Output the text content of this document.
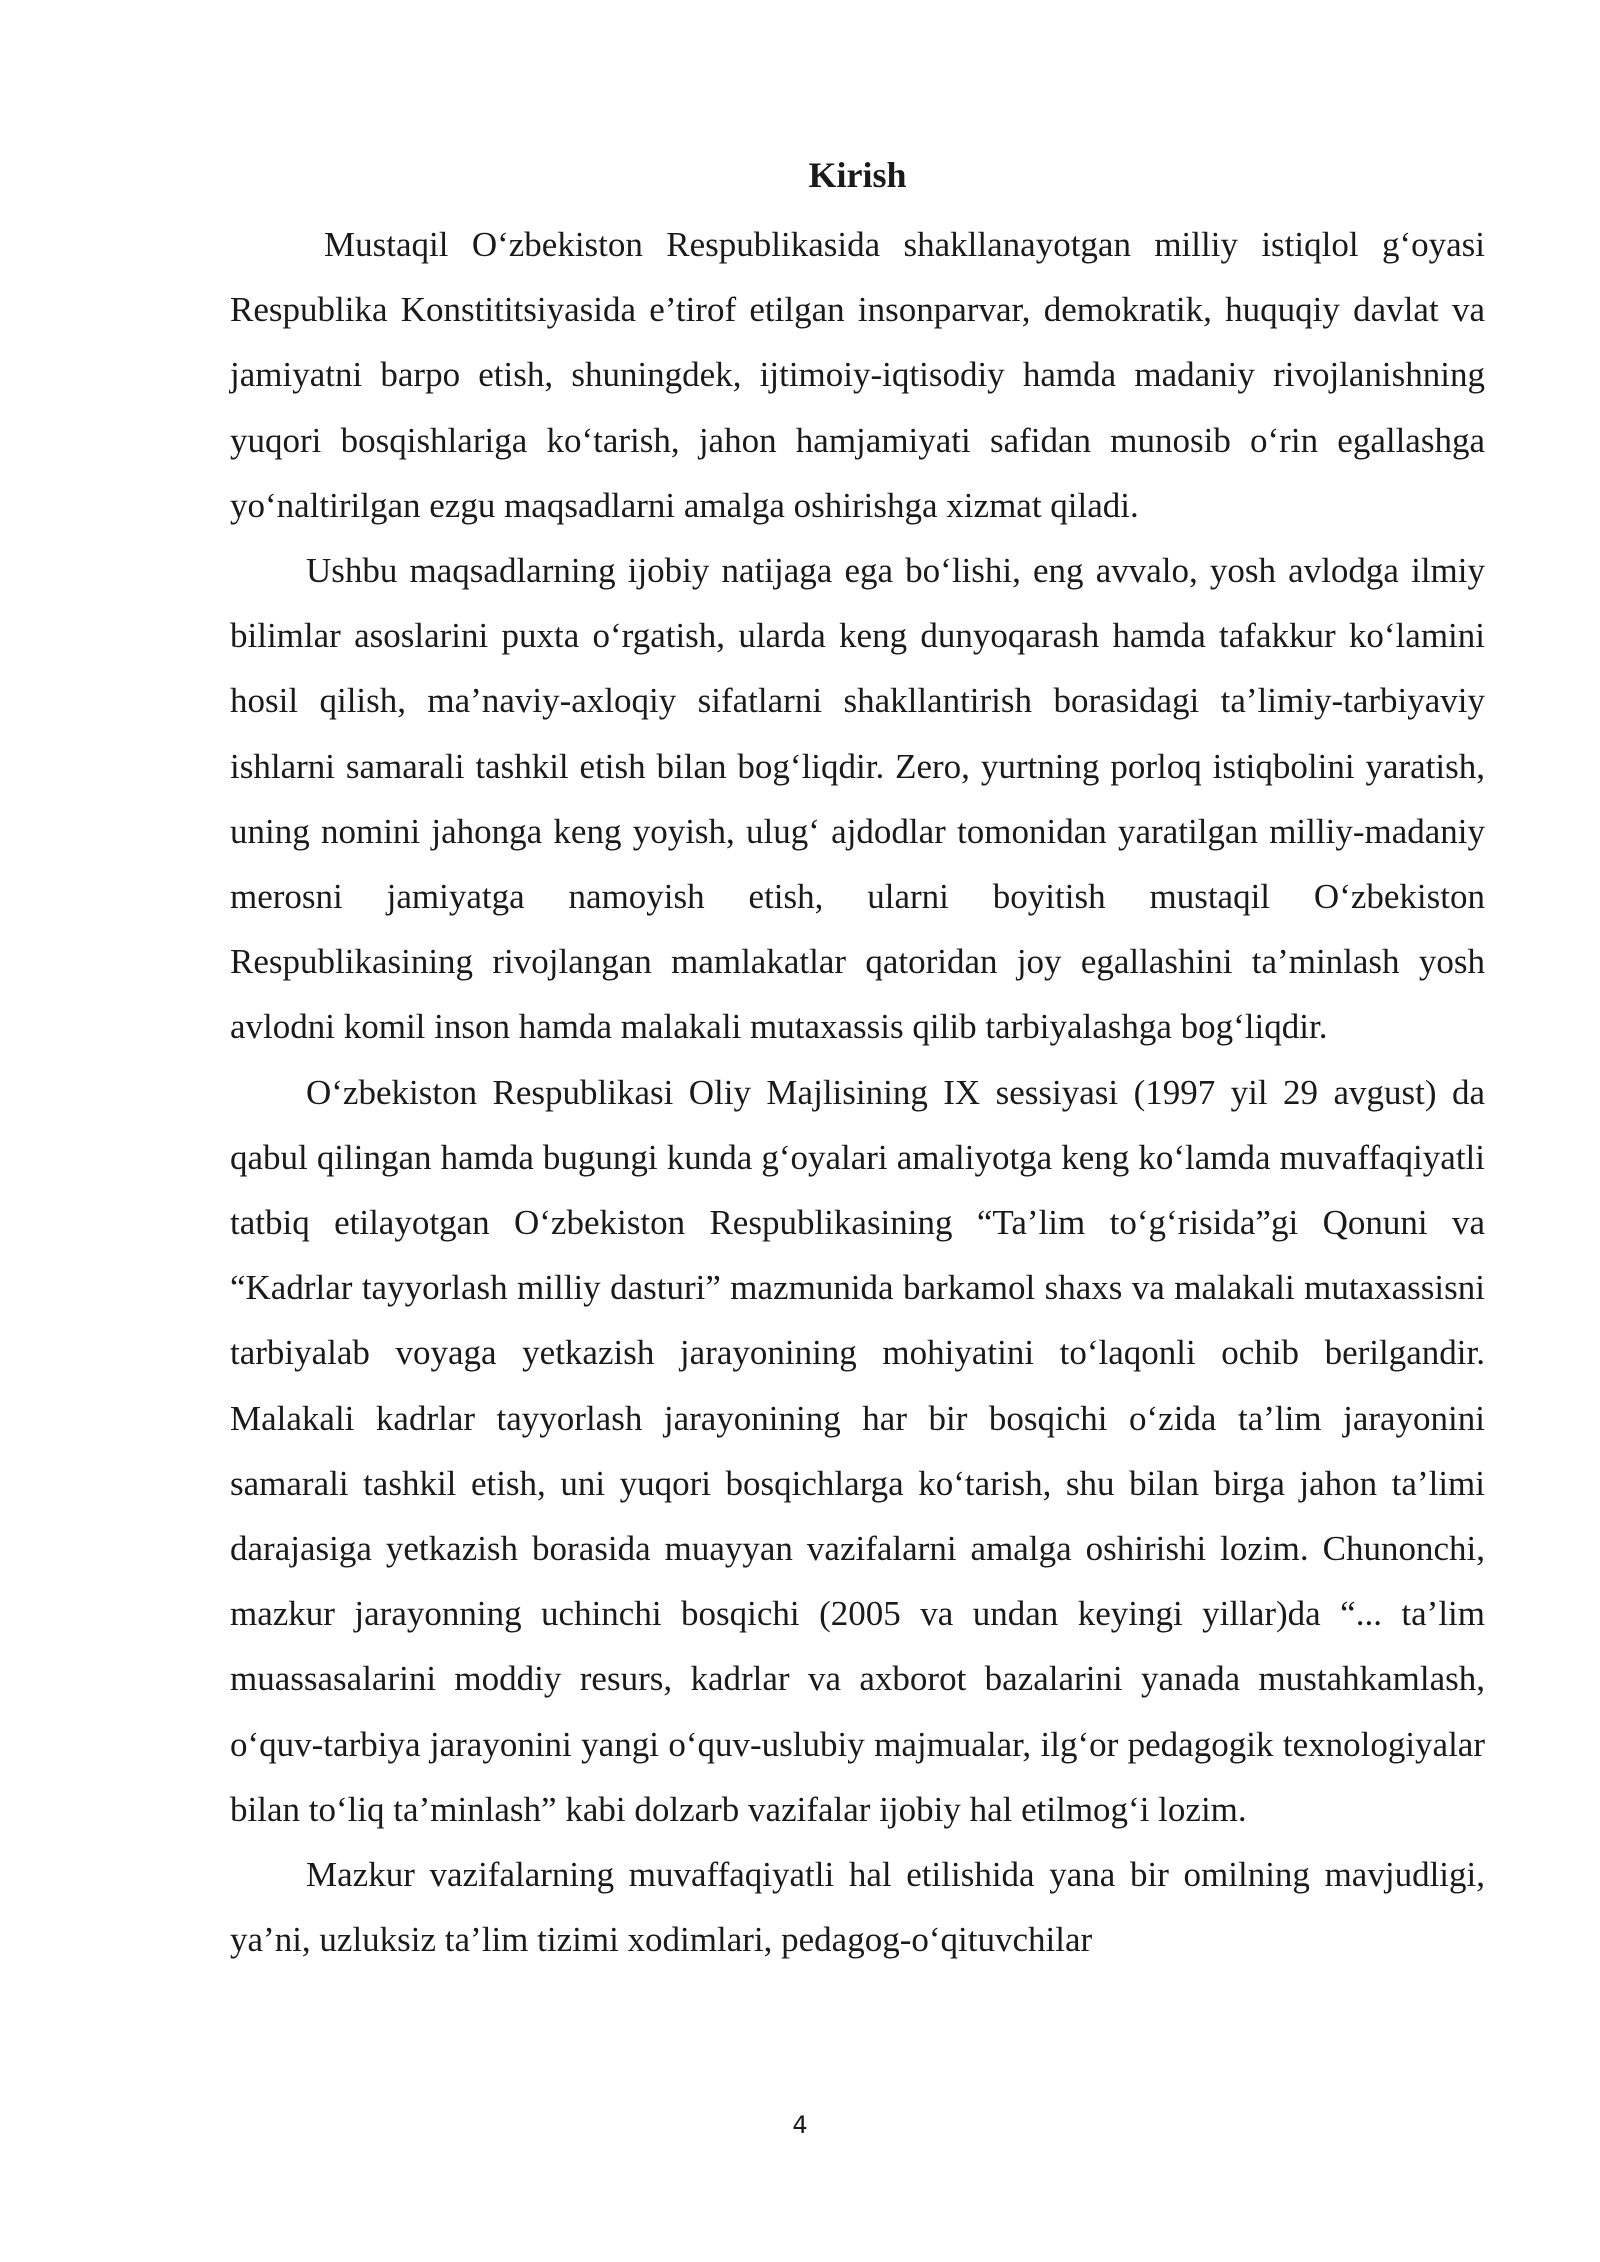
Kirish

Mustaqil O‘zbekiston Respublikasida shakllanayotgan milliy istiqlol g‘oyasi Respublika Konstititsiyasida e’tirof etilgan insonparvar, demokratik, huquqiy davlat va jamiyatni barpo etish, shuningdek, ijtimoiy-iqtisodiy hamda madaniy rivojlanishning yuqori bosqishlariga ko‘tarish, jahon hamjamiyati safidan munosib o‘rin egallashga yo‘naltirilgan ezgu maqsadlarni amalga oshirishga xizmat qiladi.

Ushbu maqsadlarning ijobiy natijaga ega bo‘lishi, eng avvalo, yosh avlodga ilmiy bilimlar asoslarini puxta o‘rgatish, ularda keng dunyoqarash hamda tafakkur ko‘lamini hosil qilish, ma’naviy-axloqiy sifatlarni shakllantirish borasidagi ta’limiy-tarbiyaviy ishlarni samarali tashkil etish bilan bog‘liqdir. Zero, yurtning porloq istiqbolini yaratish, uning nomini jahonga keng yoyish, ulug‘ ajdodlar tomonidan yaratilgan milliy-madaniy merosni jamiyatga namoyish etish, ularni boyitish mustaqil O‘zbekiston Respublikasining rivojlangan mamlakatlar qatoridan joy egallashini ta’minlash yosh avlodni komil inson hamda malakali mutaxassis qilib tarbiyalashga bog‘liqdir.

O‘zbekiston Respublikasi Oliy Majlisining IX sessiyasi (1997 yil 29 avgust) da qabul qilingan hamda bugungi kunda g‘oyalari amaliyotga keng ko‘lamda muvaffaqiyatli tatbiq etilayotgan O‘zbekiston Respublikasining “Ta’lim to‘g‘risida”gi Qonuni va “Kadrlar tayyorlash milliy dasturi” mazmunida barkamol shaxs va malakali mutaxassisni tarbiyalab voyaga yetkazish jarayonining mohiyatini to‘laqonli ochib berilgandir. Malakali kadrlar tayyorlash jarayonining har bir bosqichi o‘zida ta’lim jarayonini samarali tashkil etish, uni yuqori bosqichlarga ko‘tarish, shu bilan birga jahon ta’limi darajasiga yetkazish borasida muayyan vazifalarni amalga oshirishi lozim. Chunonchi, mazkur jarayonning uchinchi bosqichi (2005 va undan keyingi yillar)da “... ta’lim muassasalarini moddiy resurs, kadrlar va axborot bazalarini yanada mustahkamlash, o‘quv-tarbiya jarayonini yangi o‘quv-uslubiy majmualar, ilg‘or pedagogik texnologiyalar bilan to‘liq ta’minlash” kabi dolzarb vazifalar ijobiy hal etilmog‘i lozim.

Mazkur vazifalarning muvaffaqiyatli hal etilishida yana bir omilning mavjudligi, ya’ni, uzluksiz ta’lim tizimi xodimlari, pedagog-o‘qituvchilar

4
